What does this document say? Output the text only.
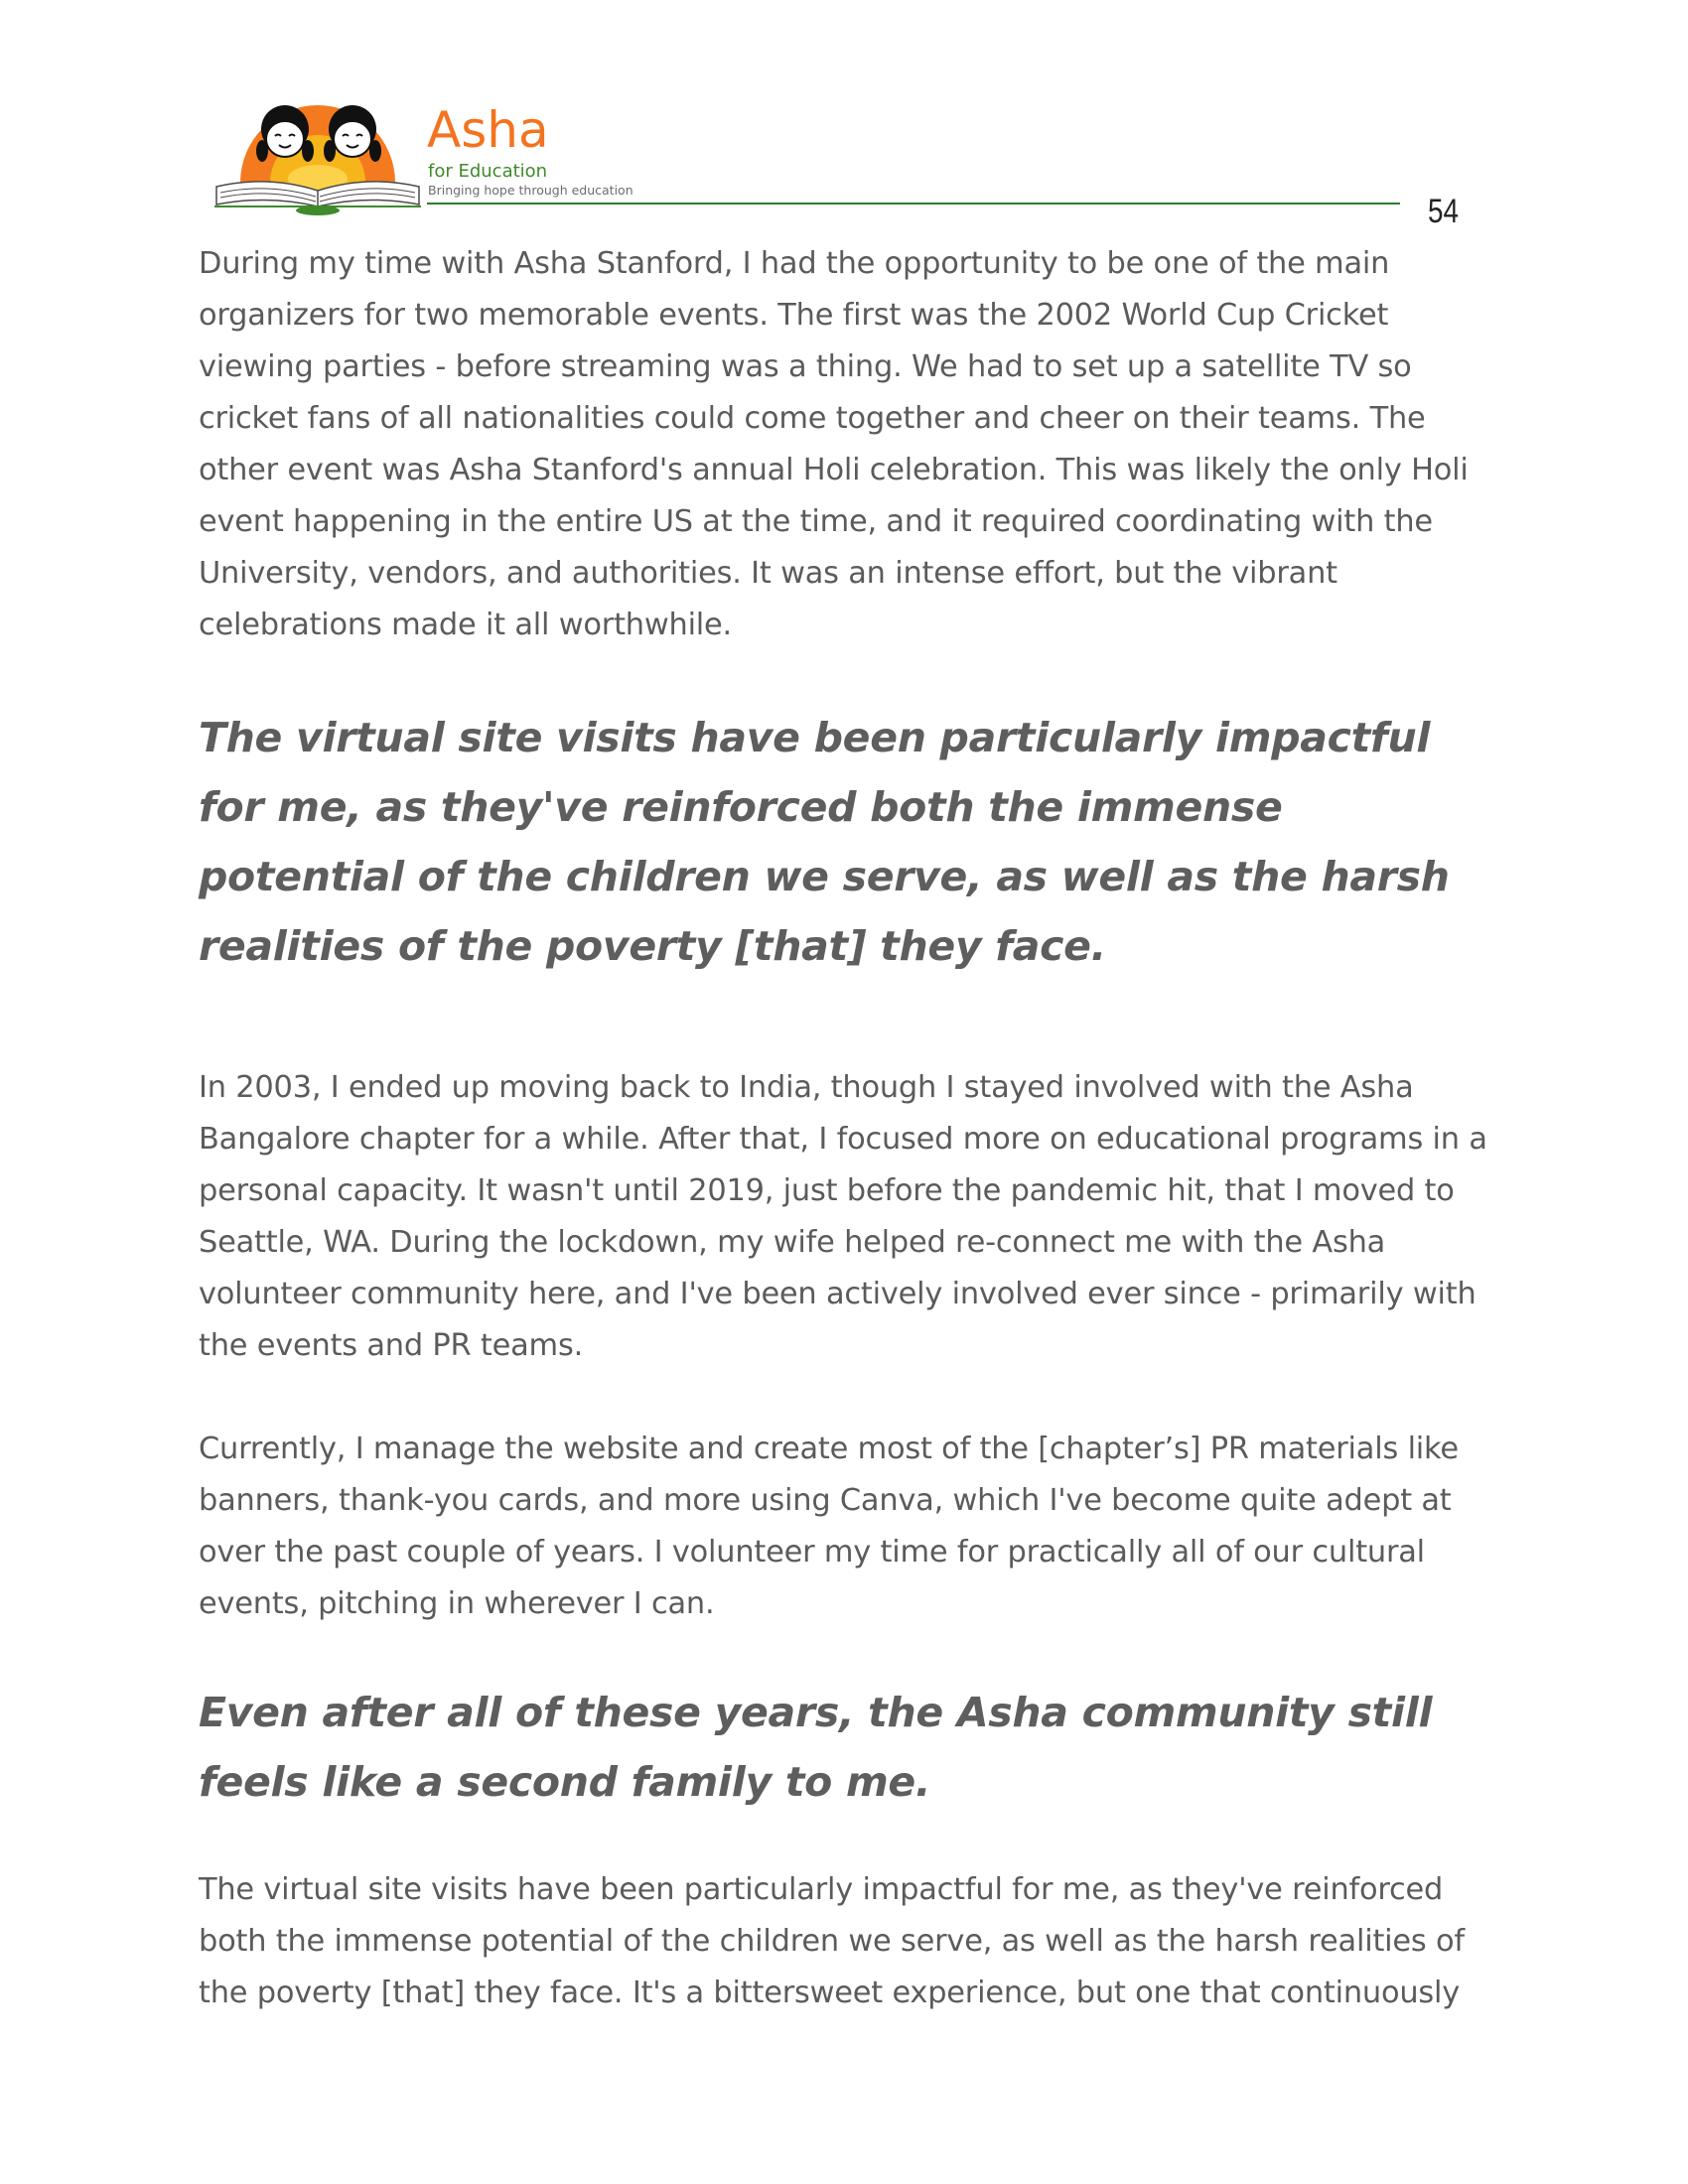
Asha
for Education
Bringing hope through education
54

During my time with Asha Stanford, I had the opportunity to be one of the main organizers for two memorable events. The first was the 2002 World Cup Cricket viewing parties - before streaming was a thing. We had to set up a satellite TV so cricket fans of all nationalities could come together and cheer on their teams. The other event was Asha Stanford's annual Holi celebration. This was likely the only Holi event happening in the entire US at the time, and it required coordinating with the University, vendors, and authorities. It was an intense effort, but the vibrant celebrations made it all worthwhile.

The virtual site visits have been particularly impactful for me, as they've reinforced both the immense potential of the children we serve, as well as the harsh realities of the poverty [that] they face.

In 2003, I ended up moving back to India, though I stayed involved with the Asha Bangalore chapter for a while. After that, I focused more on educational programs in a personal capacity. It wasn't until 2019, just before the pandemic hit, that I moved to Seattle, WA. During the lockdown, my wife helped re-connect me with the Asha volunteer community here, and I've been actively involved ever since - primarily with the events and PR teams.

Currently, I manage the website and create most of the [chapter’s] PR materials like banners, thank-you cards, and more using Canva, which I've become quite adept at over the past couple of years. I volunteer my time for practically all of our cultural events, pitching in wherever I can.

Even after all of these years, the Asha community still feels like a second family to me.

The virtual site visits have been particularly impactful for me, as they've reinforced both the immense potential of the children we serve, as well as the harsh realities of the poverty [that] they face. It's a bittersweet experience, but one that continuously
